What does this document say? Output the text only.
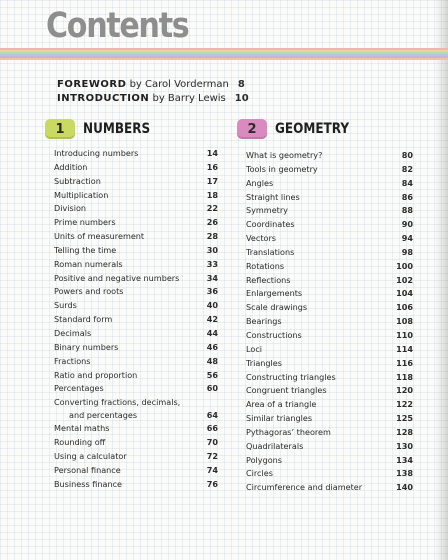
Contents
FOREWORD by Carol Vorderman 8
INTRODUCTION by Barry Lewis 10
1	NUMBERS
Introducing numbers	14
Addition	16
Subtraction	17
Multiplication	18
Division	22
Prime numbers	26
Units of measurement	28
Telling the time	30
Roman numerals	33
Positive and negative numbers	34
Powers and roots	36
Surds	40
Standard form	42
Decimals	44
Binary numbers	46
Fractions	48
Ratio and proportion	56
Percentages	60
Converting fractions, decimals,
and percentages	64
Mental maths	66
Rounding off	70
Using a calculator	72
Personal finance	74
Business finance	76
2	GEOMETRY
What is geometry?	80
Tools in geometry	82
Angles	84
Straight lines	86
Symmetry	88
Coordinates	90
Vectors	94
Translations	98
Rotations	100
Reflections	102
Enlargements	104
Scale drawings	106
Bearings	108
Constructions	110
Loci	114
Triangles	116
Constructing triangles	118
Congruent triangles	120
Area of a triangle	122
Similar triangles	125
Pythagoras’ theorem	128
Quadrilaterals	130
Polygons	134
Circles	138
Circumference and diameter	140
